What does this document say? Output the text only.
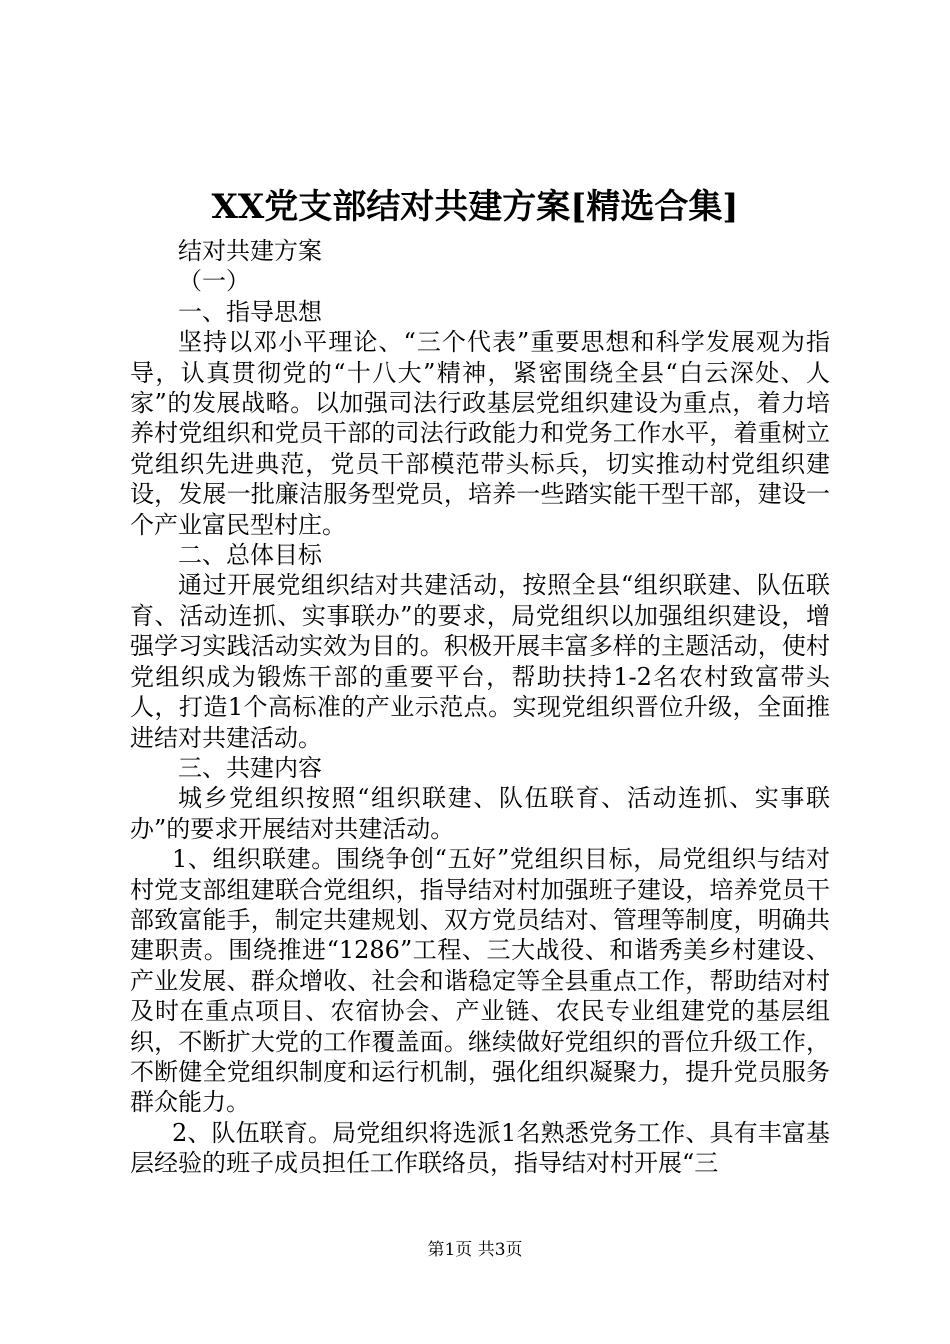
XX党支部结对共建方案[精选合集]

结对共建方案

（一）

一、指导思想

坚持以邓小平理论、“三个代表”重要思想和科学发展观为指导，认真贯彻党的“十八大”精神，紧密围绕全县“白云深处、人家”的发展战略。以加强司法行政基层党组织建设为重点，着力培养村党组织和党员干部的司法行政能力和党务工作水平，着重树立党组织先进典范，党员干部模范带头标兵，切实推动村党组织建设，发展一批廉洁服务型党员，培养一些踏实能干型干部，建设一个产业富民型村庄。

二、总体目标

通过开展党组织结对共建活动，按照全县“组织联建、队伍联育、活动连抓、实事联办”的要求，局党组织以加强组织建设，增强学习实践活动实效为目的。积极开展丰富多样的主题活动，使村党组织成为锻炼干部的重要平台，帮助扶持1-2名农村致富带头人，打造1个高标准的产业示范点。实现党组织晋位升级，全面推进结对共建活动。

三、共建内容

城乡党组织按照“组织联建、队伍联育、活动连抓、实事联办”的要求开展结对共建活动。

1、组织联建。围绕争创“五好”党组织目标，局党组织与结对村党支部组建联合党组织，指导结对村加强班子建设，培养党员干部致富能手，制定共建规划、双方党员结对、管理等制度，明确共建职责。围绕推进“1286”工程、三大战役、和谐秀美乡村建设、产业发展、群众增收、社会和谐稳定等全县重点工作，帮助结对村及时在重点项目、农宿协会、产业链、农民专业组建党的基层组织，不断扩大党的工作覆盖面。继续做好党组织的晋位升级工作，不断健全党组织制度和运行机制，强化组织凝聚力，提升党员服务群众能力。

2、队伍联育。局党组织将选派1名熟悉党务工作、具有丰富基层经验的班子成员担任工作联络员，指导结对村开展“三

第1页 共3页
